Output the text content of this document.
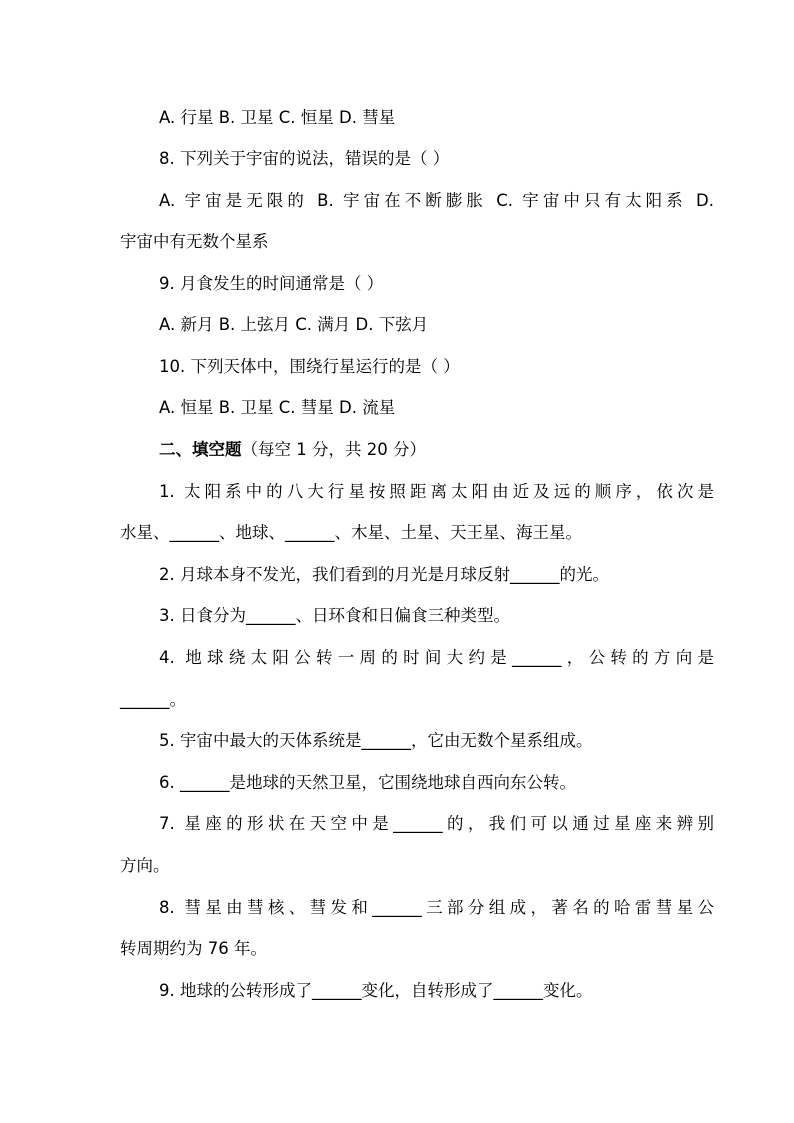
A. 行星 B. 卫星 C. 恒星 D. 彗星
8. 下列关于宇宙的说法，错误的是（ ）
A. 宇宙是无限的 B. 宇宙在不断膨胀 C. 宇宙中只有太阳系 D.
宇宙中有无数个星系
9. 月食发生的时间通常是（ ）
A. 新月 B. 上弦月 C. 满月 D. 下弦月
10. 下列天体中，围绕行星运行的是（ ）
A. 恒星 B. 卫星 C. 彗星 D. 流星
二、填空题（每空 1 分，共 20 分）
1. 太阳系中的八大行星按照距离太阳由近及远的顺序，依次是
水星、______、地球、______、木星、土星、天王星、海王星。
2. 月球本身不发光，我们看到的月光是月球反射______的光。
3. 日食分为______、日环食和日偏食三种类型。
4. 地球绕太阳公转一周的时间大约是______，公转的方向是
______。
5. 宇宙中最大的天体系统是______，它由无数个星系组成。
6. ______是地球的天然卫星，它围绕地球自西向东公转。
7. 星座的形状在天空中是______的，我们可以通过星座来辨别
方向。
8. 彗星由彗核、彗发和______三部分组成，著名的哈雷彗星公
转周期约为 76 年。
9. 地球的公转形成了______变化，自转形成了______变化。
